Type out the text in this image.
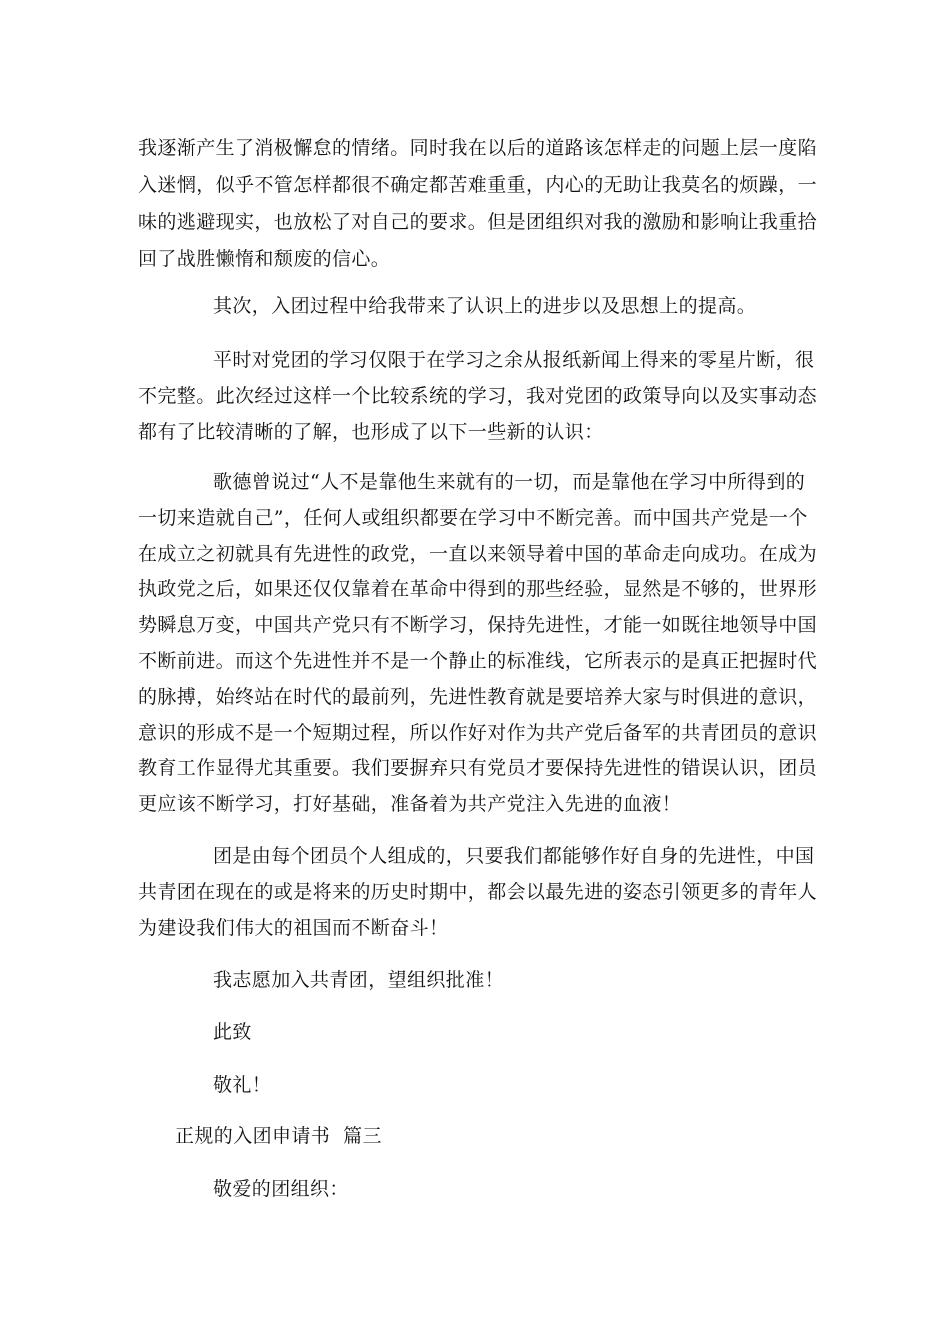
我逐渐产生了消极懈怠的情绪。同时我在以后的道路该怎样走的问题上层一度陷
入迷惘，似乎不管怎样都很不确定都苦难重重，内心的无助让我莫名的烦躁，一
味的逃避现实，也放松了对自己的要求。但是团组织对我的激励和影响让我重拾
回了战胜懒惰和颓废的信心。
其次，入团过程中给我带来了认识上的进步以及思想上的提高。
平时对党团的学习仅限于在学习之余从报纸新闻上得来的零星片断，很
不完整。此次经过这样一个比较系统的学习，我对党团的政策导向以及实事动态
都有了比较清晰的了解，也形成了以下一些新的认识：
歌德曾说过“人不是靠他生来就有的一切，而是靠他在学习中所得到的
一切来造就自己”，任何人或组织都要在学习中不断完善。而中国共产党是一个
在成立之初就具有先进性的政党，一直以来领导着中国的革命走向成功。在成为
执政党之后，如果还仅仅靠着在革命中得到的那些经验，显然是不够的，世界形
势瞬息万变，中国共产党只有不断学习，保持先进性，才能一如既往地领导中国
不断前进。而这个先进性并不是一个静止的标准线，它所表示的是真正把握时代
的脉搏，始终站在时代的最前列，先进性教育就是要培养大家与时俱进的意识，
意识的形成不是一个短期过程，所以作好对作为共产党后备军的共青团员的意识
教育工作显得尤其重要。我们要摒弃只有党员才要保持先进性的错误认识，团员
更应该不断学习，打好基础，准备着为共产党注入先进的血液！
团是由每个团员个人组成的，只要我们都能够作好自身的先进性，中国
共青团在现在的或是将来的历史时期中，都会以最先进的姿态引领更多的青年人
为建设我们伟大的祖国而不断奋斗！
我志愿加入共青团，望组织批准！
此致
敬礼！
正规的入团申请书  篇三
敬爱的团组织：
